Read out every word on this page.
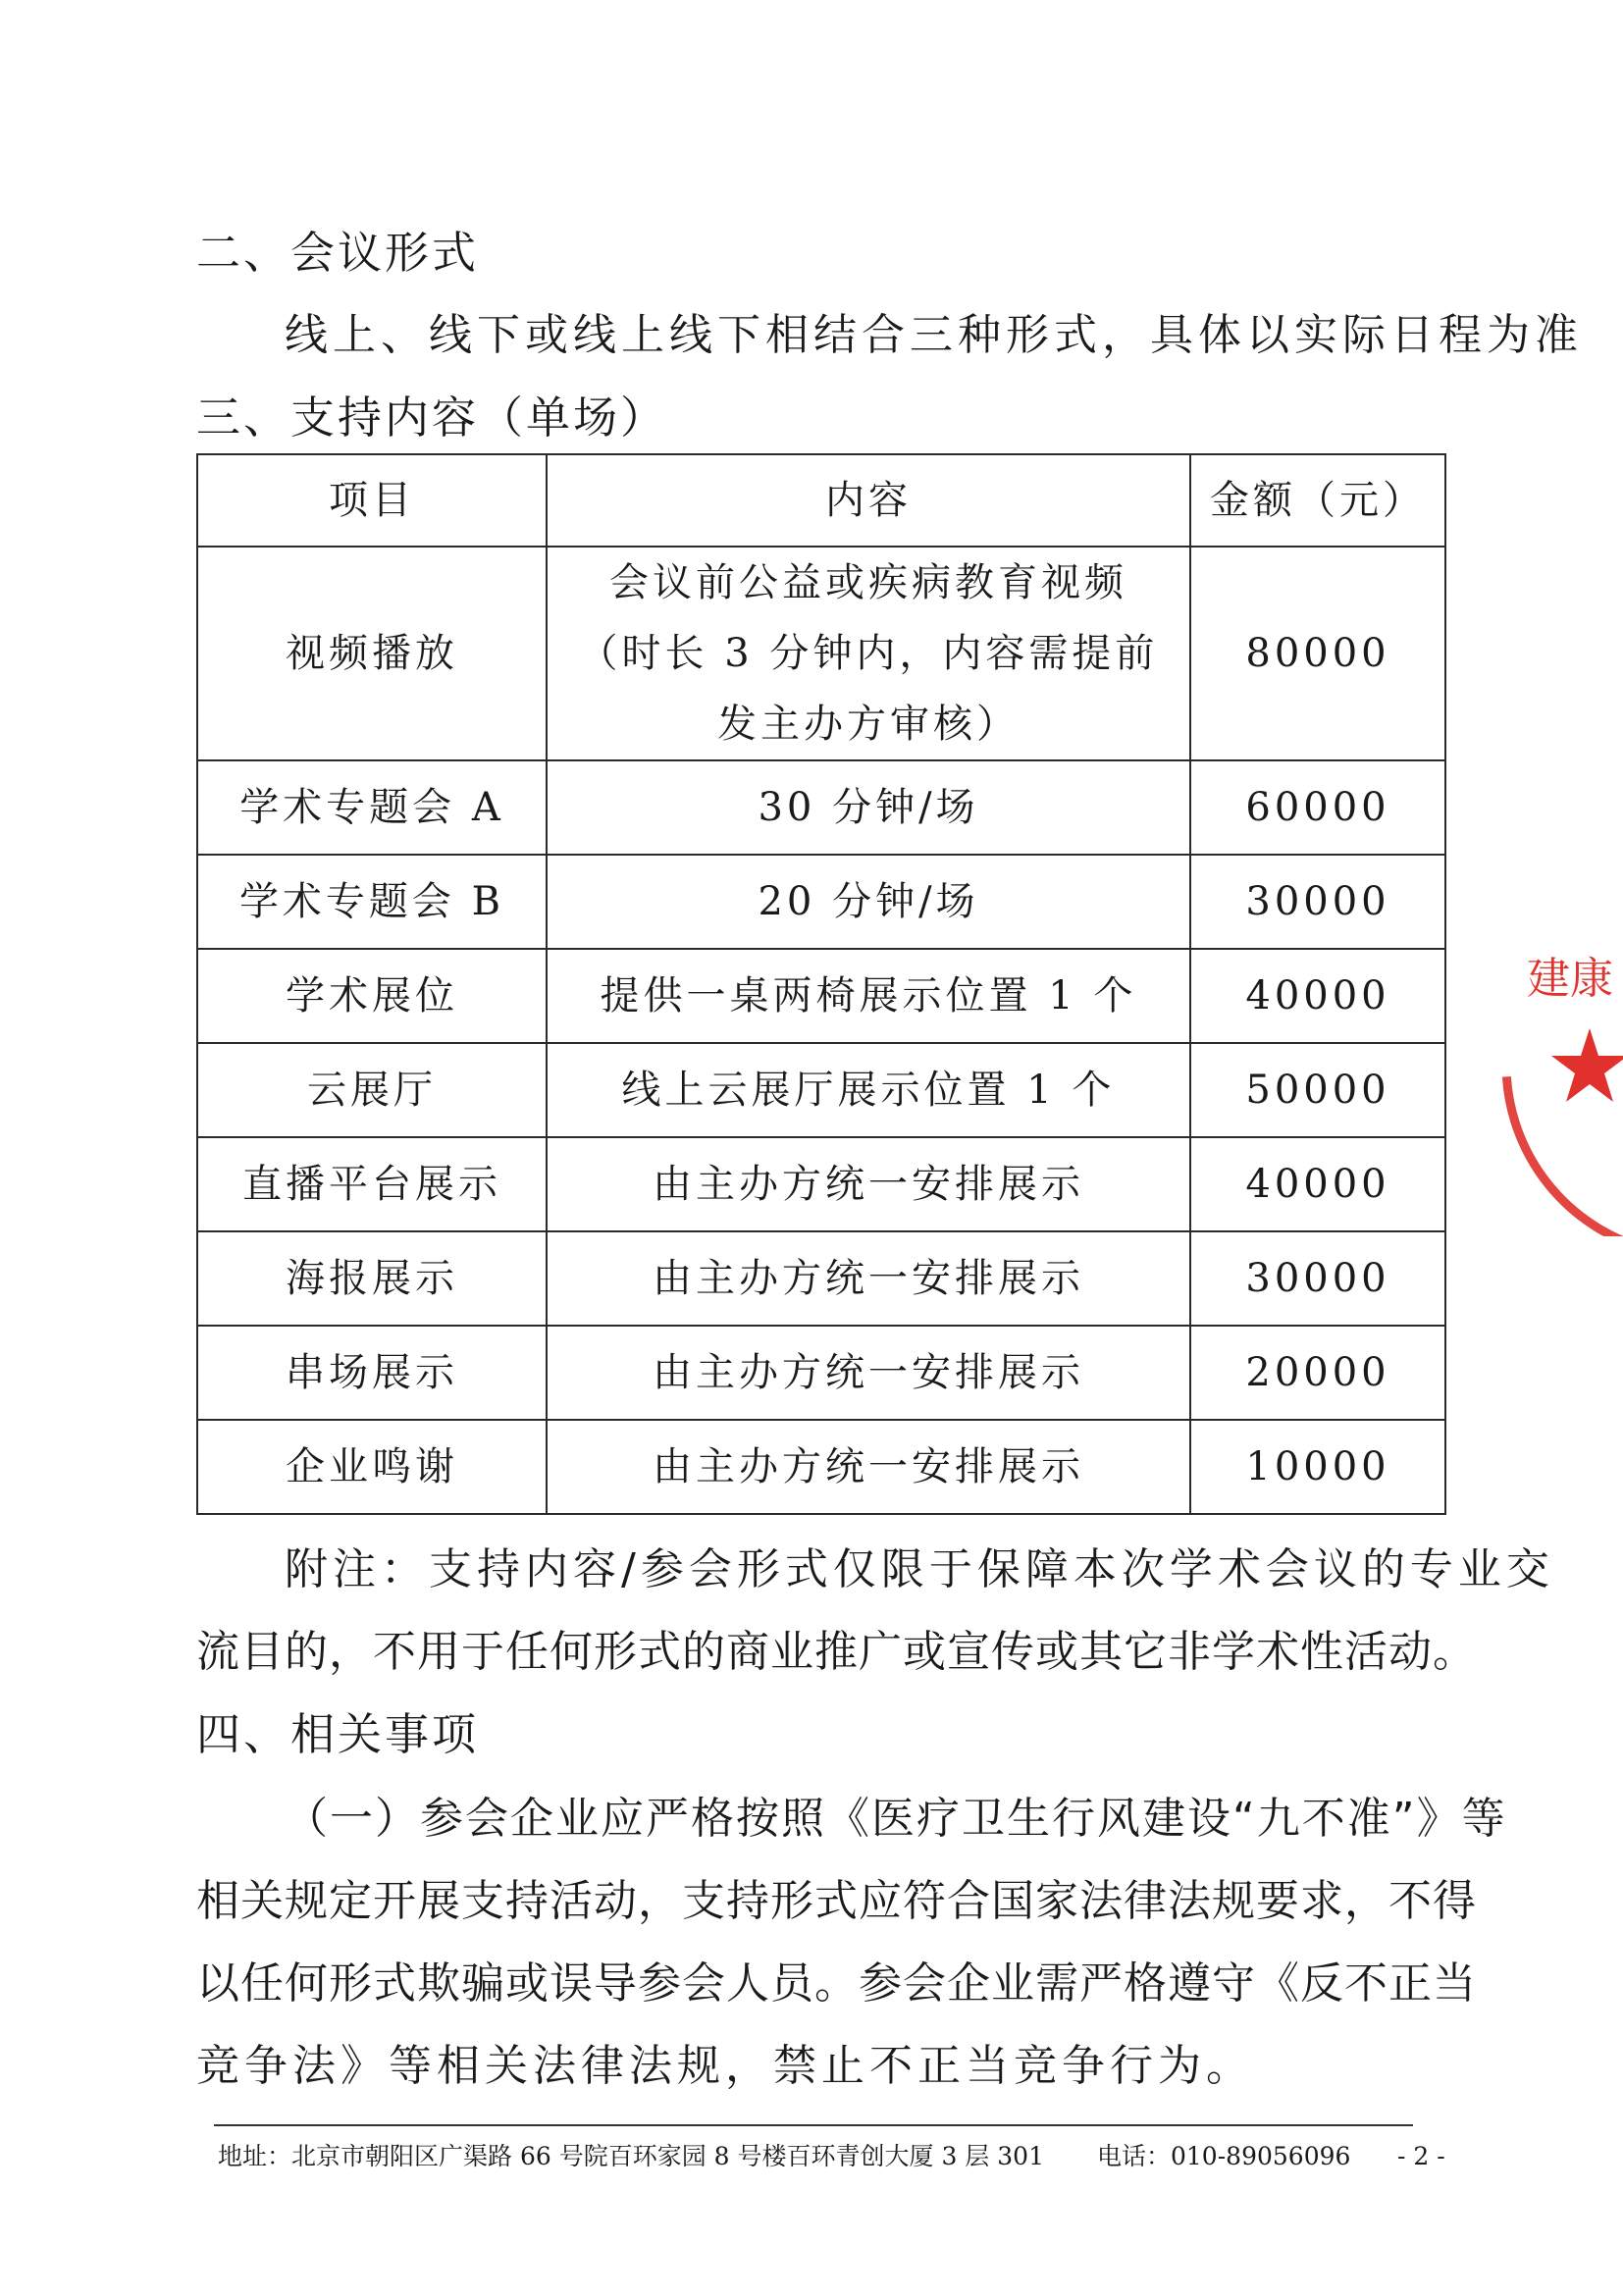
二、会议形式
线上、线下或线上线下相结合三种形式，具体以实际日程为准
三、支持内容（单场）
项目	内容	金额（元）
视频播放	会议前公益或疾病教育视频
（时长 3 分钟内，内容需提前
发主办方审核）	80000
学术专题会 A	30 分钟/场	60000
学术专题会 B	20 分钟/场	30000
学术展位	提供一桌两椅展示位置 1 个	40000
云展厅	线上云展厅展示位置 1 个	50000
直播平台展示	由主办方统一安排展示	40000
海报展示	由主办方统一安排展示	30000
串场展示	由主办方统一安排展示	20000
企业鸣谢	由主办方统一安排展示	10000
附注：支持内容/参会形式仅限于保障本次学术会议的专业交
流目的，不用于任何形式的商业推广或宣传或其它非学术性活动。
四、相关事项
（一）参会企业应严格按照《医疗卫生行风建设“九不准”》等
相关规定开展支持活动，支持形式应符合国家法律法规要求，不得
以任何形式欺骗或误导参会人员。参会企业需严格遵守《反不正当
竞争法》等相关法律法规，禁止不正当竞争行为。
地址：北京市朝阳区广渠路 66 号院百环家园 8 号楼百环青创大厦 3 层 301 电话：010-89056096 - 2 -
建康
